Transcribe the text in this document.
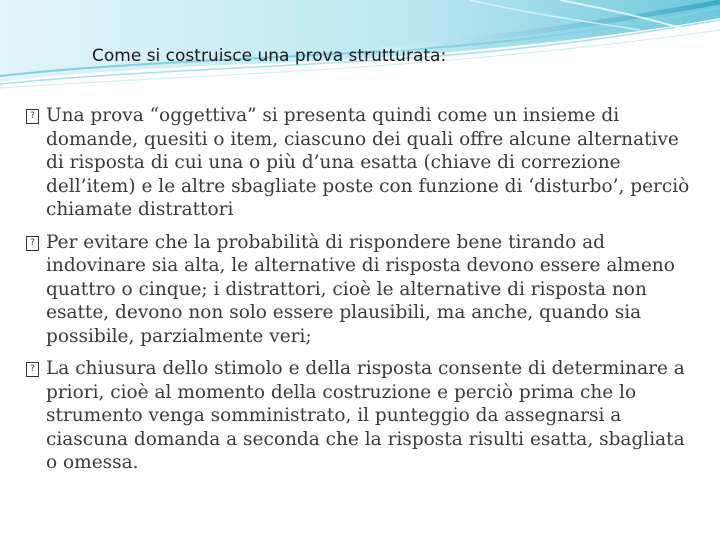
Come si costruisce una prova strutturata:
? Una prova “oggettiva” si presenta quindi come un insieme di domande, quesiti o item, ciascuno dei quali offre alcune alternative di risposta di cui una o più d’una esatta (chiave di correzione dell’item) e le altre sbagliate poste con funzione di ‘disturbo’, perciò chiamate distrattori
? Per evitare che la probabilità di rispondere bene tirando ad indovinare sia alta, le alternative di risposta devono essere almeno quattro o cinque; i distrattori, cioè le alternative di risposta non esatte, devono non solo essere plausibili, ma anche, quando sia possibile, parzialmente veri;
? La chiusura dello stimolo e della risposta consente di determinare a priori, cioè al momento della costruzione e perciò prima che lo strumento venga somministrato, il punteggio da assegnarsi a ciascuna domanda a seconda che la risposta risulti esatta, sbagliata o omessa.
